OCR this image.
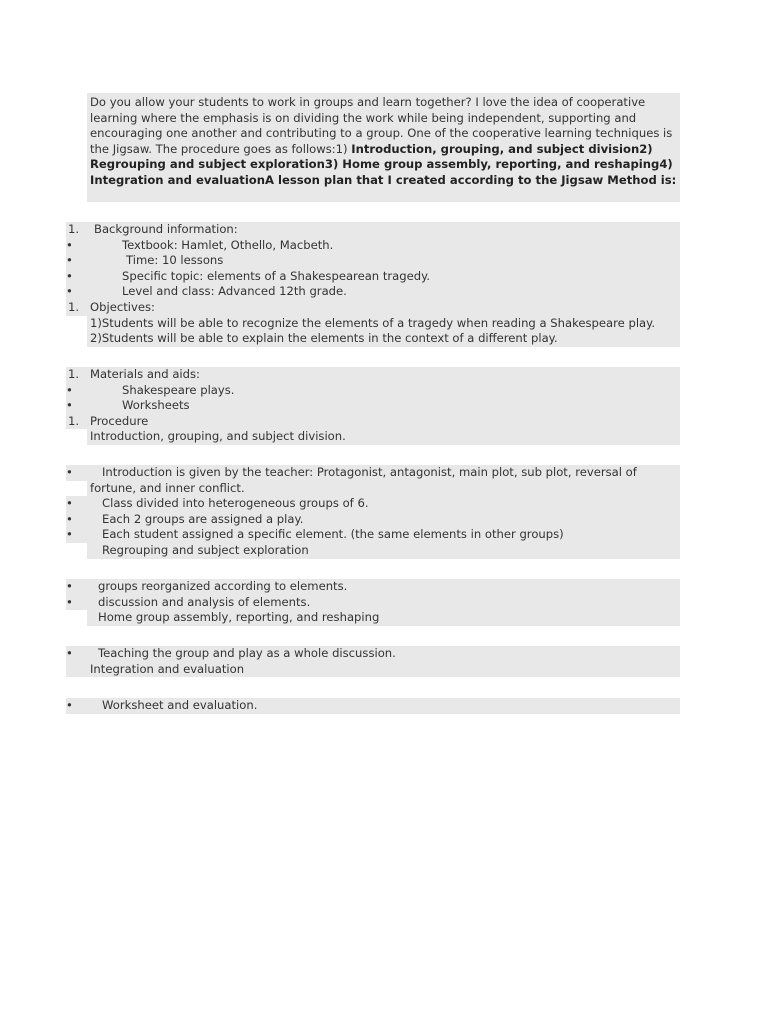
Do you allow your students to work in groups and learn together? I love the idea of cooperative learning where the emphasis is on dividing the work while being independent, supporting and encouraging one another and contributing to a group. One of the cooperative learning techniques is the Jigsaw. The procedure goes as follows:1) Introduction, grouping, and subject division2) Regrouping and subject exploration3) Home group assembly, reporting, and reshaping4) Integration and evaluationA lesson plan that I created according to the Jigsaw Method is:

1.	Background information:
•	Textbook: Hamlet, Othello, Macbeth.
•	Time: 10 lessons
•	Specific topic: elements of a Shakespearean tragedy.
•	Level and class: Advanced 12th grade.
1. Objectives:
1)Students will be able to recognize the elements of a tragedy when reading a Shakespeare play.
2)Students will be able to explain the elements in the context of a different play.
1. Materials and aids:
•	Shakespeare plays.
•	Worksheets
1. Procedure
Introduction, grouping, and subject division.
•	Introduction is given by the teacher: Protagonist, antagonist, main plot, sub plot, reversal of
fortune, and inner conflict.
•	Class divided into heterogeneous groups of 6.
•	Each 2 groups are assigned a play.
•	Each student assigned a specific element. (the same elements in other groups)
Regrouping and subject exploration
•	groups reorganized according to elements.
•	discussion and analysis of elements.
Home group assembly, reporting, and reshaping
•	Teaching the group and play as a whole discussion.
Integration and evaluation
•	Worksheet and evaluation.
